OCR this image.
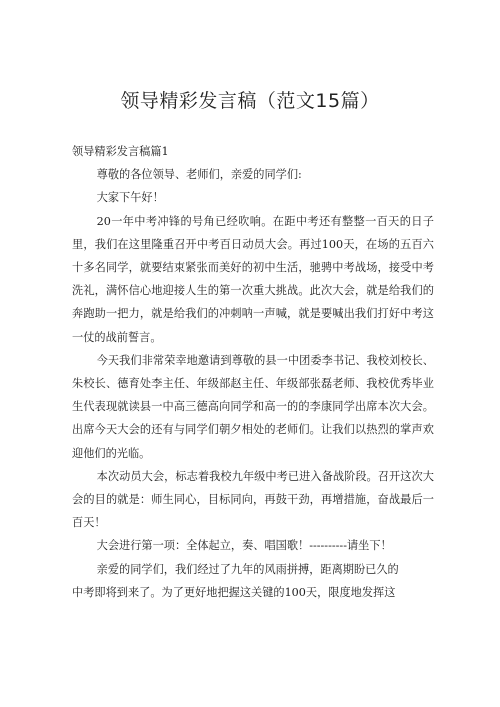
领导精彩发言稿（范文15篇）

领导精彩发言稿篇1

尊敬的各位领导、老师们，亲爱的同学们:

大家下午好！

20一年中考冲锋的号角已经吹响。在距中考还有整整一百天的日子里，我们在这里隆重召开中考百日动员大会。再过100天，在场的五百六十多名同学，就要结束紧张而美好的初中生活，驰骋中考战场，接受中考洗礼，满怀信心地迎接人生的第一次重大挑战。此次大会，就是给我们的奔跑助一把力，就是给我们的冲刺呐一声喊，就是要喊出我们打好中考这一仗的战前誓言。

今天我们非常荣幸地邀请到尊敬的县一中团委李书记、我校刘校长、朱校长、德育处李主任、年级部赵主任、年级部张磊老师、我校优秀毕业生代表现就读县一中高三德高向同学和高一的的李康同学出席本次大会。出席今天大会的还有与同学们朝夕相处的老师们。让我们以热烈的掌声欢迎他们的光临。

本次动员大会，标志着我校九年级中考已进入备战阶段。召开这次大会的目的就是：师生同心，目标同向，再鼓干劲，再增措施，奋战最后一百天！

大会进行第一项：全体起立，奏、唱国歌！----------请坐下！

亲爱的同学们，我们经过了九年的风雨拼搏，距离期盼已久的

中考即将到来了。为了更好地把握这关键的100天，限度地发挥这
